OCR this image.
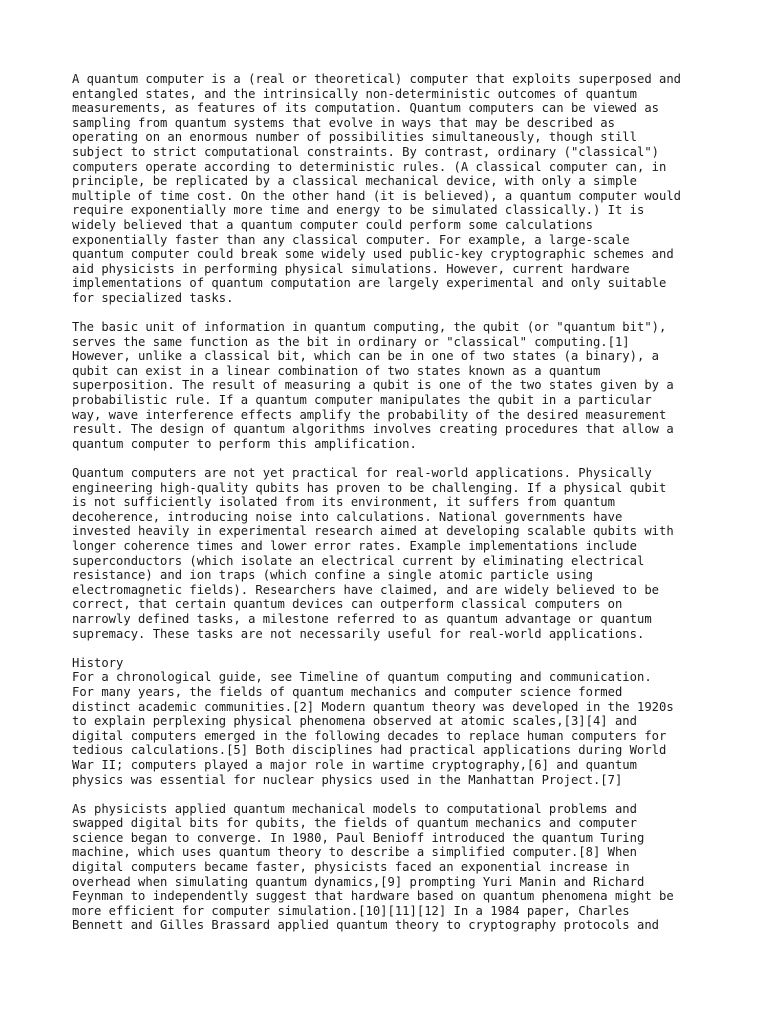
A quantum computer is a (real or theoretical) computer that exploits superposed and
entangled states, and the intrinsically non-deterministic outcomes of quantum
measurements, as features of its computation. Quantum computers can be viewed as
sampling from quantum systems that evolve in ways that may be described as
operating on an enormous number of possibilities simultaneously, though still
subject to strict computational constraints. By contrast, ordinary ("classical")
computers operate according to deterministic rules. (A classical computer can, in
principle, be replicated by a classical mechanical device, with only a simple
multiple of time cost. On the other hand (it is believed), a quantum computer would
require exponentially more time and energy to be simulated classically.) It is
widely believed that a quantum computer could perform some calculations
exponentially faster than any classical computer. For example, a large-scale
quantum computer could break some widely used public-key cryptographic schemes and
aid physicists in performing physical simulations. However, current hardware
implementations of quantum computation are largely experimental and only suitable
for specialized tasks.
The basic unit of information in quantum computing, the qubit (or "quantum bit"),
serves the same function as the bit in ordinary or "classical" computing.[1]
However, unlike a classical bit, which can be in one of two states (a binary), a
qubit can exist in a linear combination of two states known as a quantum
superposition. The result of measuring a qubit is one of the two states given by a
probabilistic rule. If a quantum computer manipulates the qubit in a particular
way, wave interference effects amplify the probability of the desired measurement
result. The design of quantum algorithms involves creating procedures that allow a
quantum computer to perform this amplification.
Quantum computers are not yet practical for real-world applications. Physically
engineering high-quality qubits has proven to be challenging. If a physical qubit
is not sufficiently isolated from its environment, it suffers from quantum
decoherence, introducing noise into calculations. National governments have
invested heavily in experimental research aimed at developing scalable qubits with
longer coherence times and lower error rates. Example implementations include
superconductors (which isolate an electrical current by eliminating electrical
resistance) and ion traps (which confine a single atomic particle using
electromagnetic fields). Researchers have claimed, and are widely believed to be
correct, that certain quantum devices can outperform classical computers on
narrowly defined tasks, a milestone referred to as quantum advantage or quantum
supremacy. These tasks are not necessarily useful for real-world applications.
History
For a chronological guide, see Timeline of quantum computing and communication.
For many years, the fields of quantum mechanics and computer science formed
distinct academic communities.[2] Modern quantum theory was developed in the 1920s
to explain perplexing physical phenomena observed at atomic scales,[3][4] and
digital computers emerged in the following decades to replace human computers for
tedious calculations.[5] Both disciplines had practical applications during World
War II; computers played a major role in wartime cryptography,[6] and quantum
physics was essential for nuclear physics used in the Manhattan Project.[7]
As physicists applied quantum mechanical models to computational problems and
swapped digital bits for qubits, the fields of quantum mechanics and computer
science began to converge. In 1980, Paul Benioff introduced the quantum Turing
machine, which uses quantum theory to describe a simplified computer.[8] When
digital computers became faster, physicists faced an exponential increase in
overhead when simulating quantum dynamics,[9] prompting Yuri Manin and Richard
Feynman to independently suggest that hardware based on quantum phenomena might be
more efficient for computer simulation.[10][11][12] In a 1984 paper, Charles
Bennett and Gilles Brassard applied quantum theory to cryptography protocols and
